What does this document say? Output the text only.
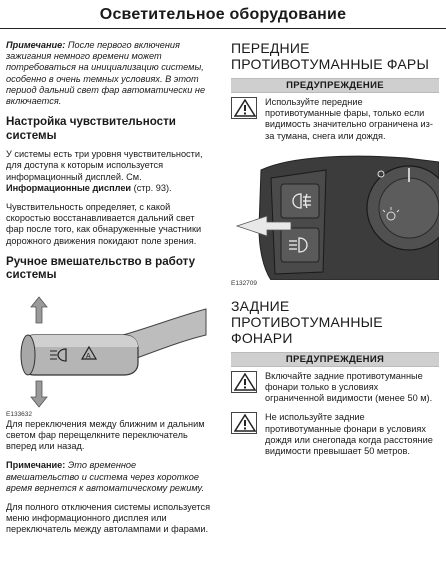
Осветительное оборудование

Примечание: После первого включения зажигания немного времени может потребоваться на инициализацию системы, особенно в очень темных условиях. В этот период дальний свет фар автоматически не включается.

Настройка чувствительности системы

У системы есть три уровня чувствительности, для доступа к которым используется информационный дисплей. См. Информационные дисплеи (стр. 93).

Чувствительность определяет, с какой скоростью восстанавливается дальний свет фар после того, как обнаруженные участники дорожного движения покидают поле зрения.

Ручное вмешательство в работу системы
A
E133632

Для переключения между ближним и дальним светом фар перещелкните переключатель вперед или назад.

Примечание: Это временное вмешательство и система через короткое время вернется к автоматическому режиму.

Для полного отключения системы используется меню информационного дисплея или переключатель между автолампами и фарами.

ПЕРЕДНИЕ ПРОТИВОТУМАННЫЕ ФАРЫ
ПРЕДУПРЕЖДЕНИЕ
Используйте передние противотуманные фары, только если видимость значительно ограничена из-за тумана, снега или дождя.
E132709
ЗАДНИЕ ПРОТИВОТУМАННЫЕ ФОНАРИ
ПРЕДУПРЕЖДЕНИЯ
Включайте задние противотуманные фонари только в условиях ограниченной видимости (менее 50 м).
Не используйте задние противотуманные фонари в условиях дождя или снегопада когда расстояние видимости превышает 50 метров.
